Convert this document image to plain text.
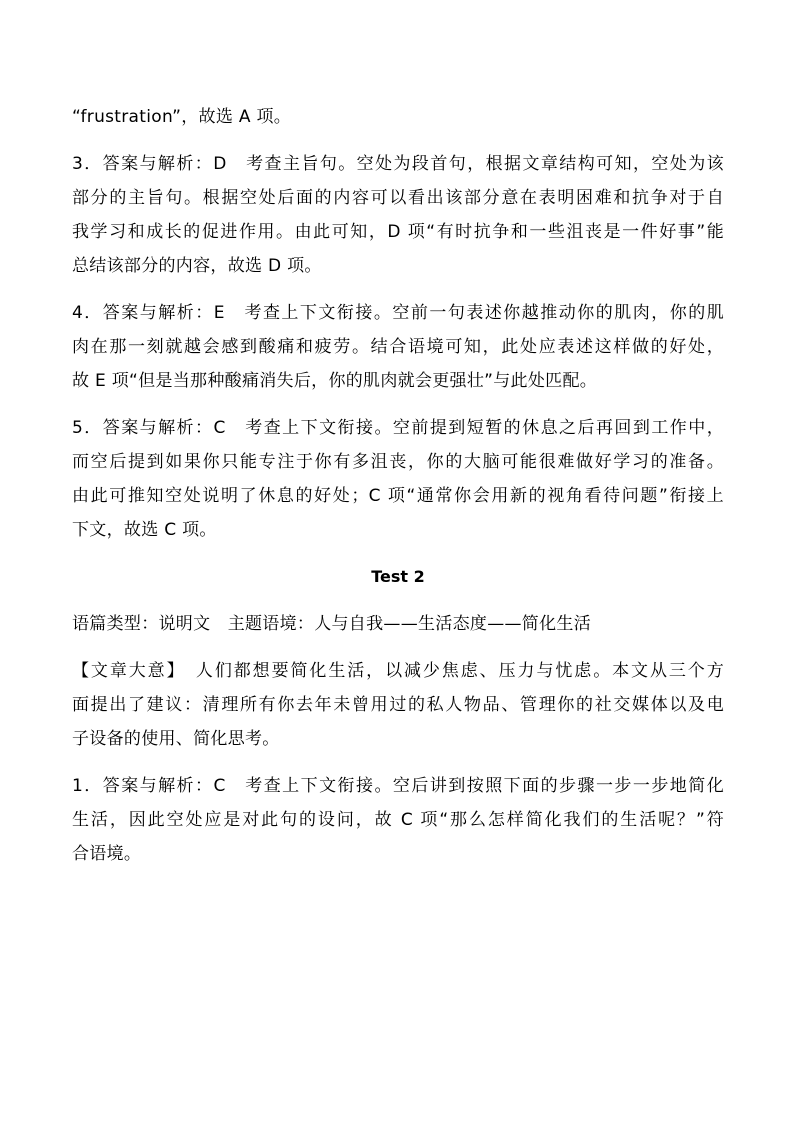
“frustration”，故选 A 项。
3．答案与解析：D　考查主旨句。空处为段首句，根据文章结构可知，空处为该
部分的主旨句。根据空处后面的内容可以看出该部分意在表明困难和抗争对于自
我学习和成长的促进作用。由此可知，D 项“有时抗争和一些沮丧是一件好事”能
总结该部分的内容，故选 D 项。
4．答案与解析：E　考查上下文衔接。空前一句表述你越推动你的肌肉，你的肌
肉在那一刻就越会感到酸痛和疲劳。结合语境可知，此处应表述这样做的好处，
故 E 项“但是当那种酸痛消失后，你的肌肉就会更强壮”与此处匹配。
5．答案与解析：C　考查上下文衔接。空前提到短暂的休息之后再回到工作中，
而空后提到如果你只能专注于你有多沮丧，你的大脑可能很难做好学习的准备。
由此可推知空处说明了休息的好处；C 项“通常你会用新的视角看待问题”衔接上
下文，故选 C 项。
Test 2
语篇类型：说明文　主题语境：人与自我——生活态度——简化生活
【文章大意】　人们都想要简化生活，以减少焦虑、压力与忧虑。本文从三个方
面提出了建议：清理所有你去年未曾用过的私人物品、管理你的社交媒体以及电
子设备的使用、简化思考。
1．答案与解析：C　考查上下文衔接。空后讲到按照下面的步骤一步一步地简化
生活，因此空处应是对此句的设问，故 C 项“那么怎样简化我们的生活呢？”符
合语境。
